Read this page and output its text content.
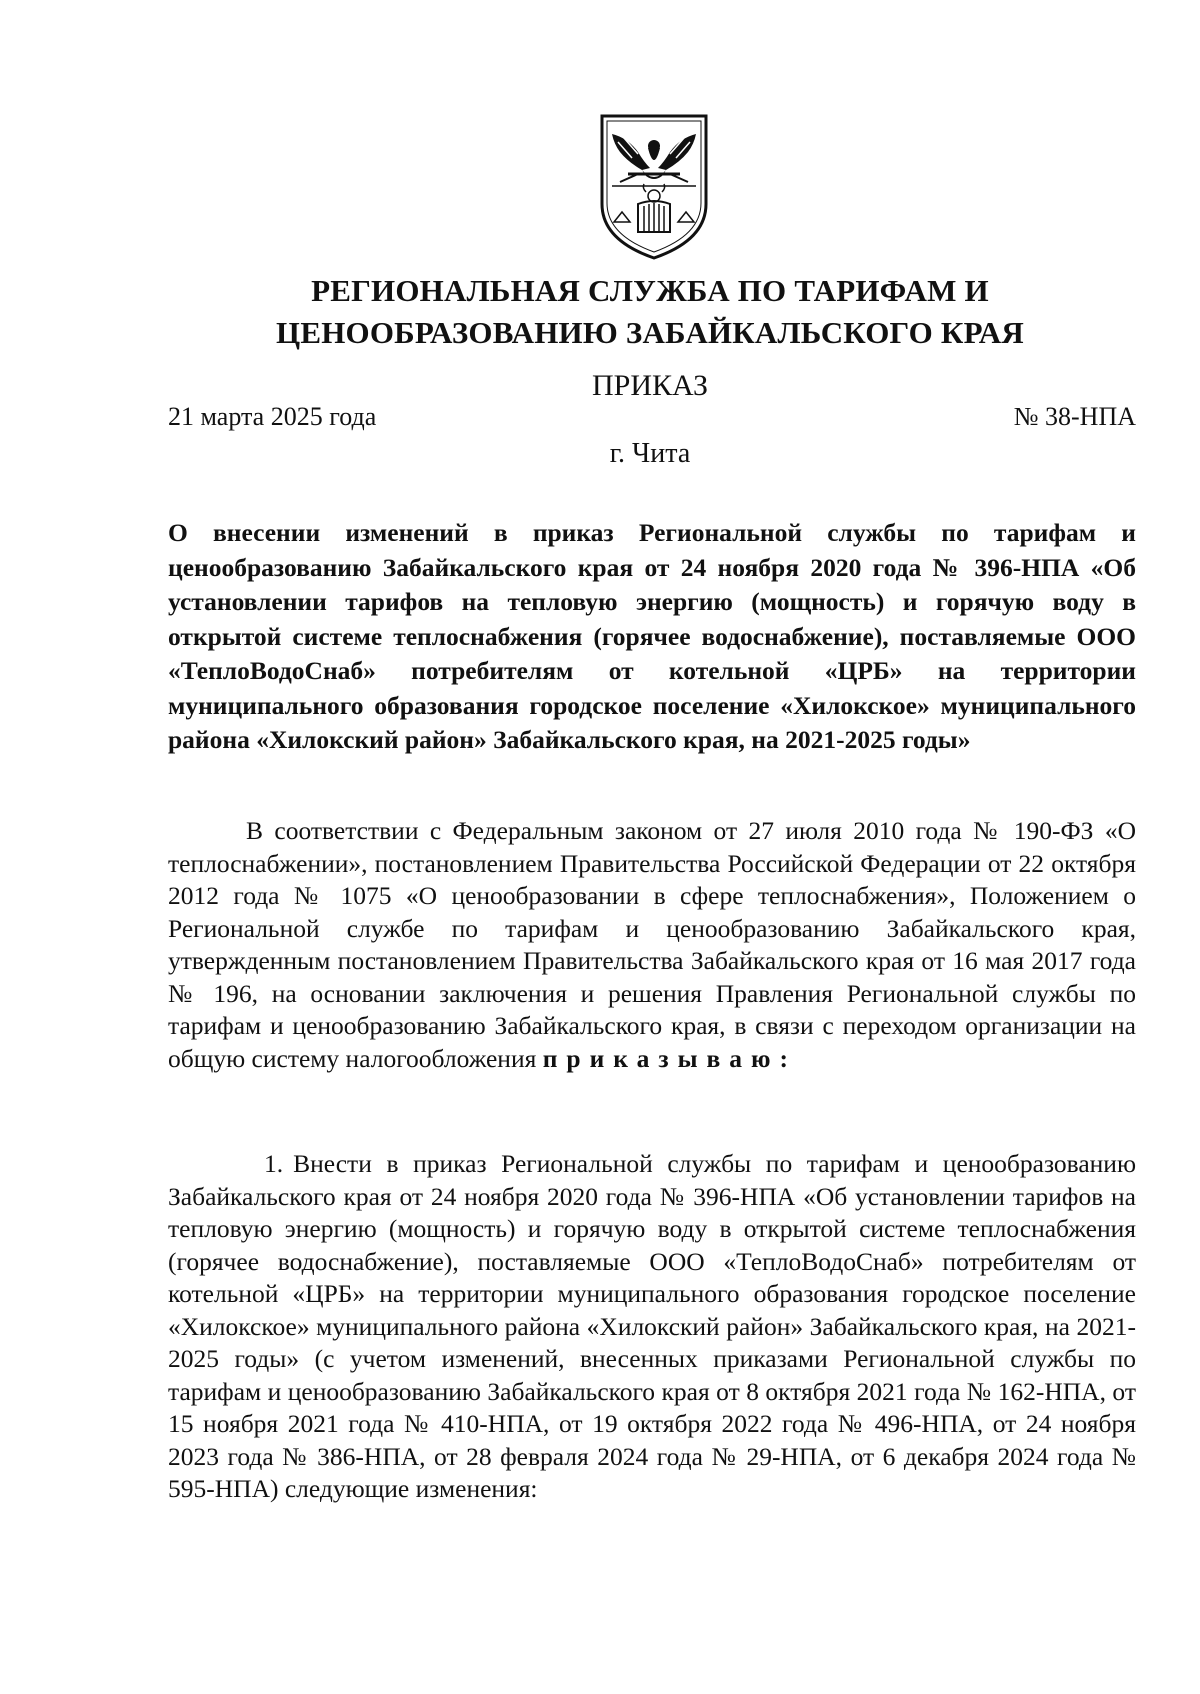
РЕГИОНАЛЬНАЯ СЛУЖБА ПО ТАРИФАМ И
ЦЕНООБРАЗОВАНИЮ ЗАБАЙКАЛЬСКОГО КРАЯ
ПРИКАЗ
21 марта 2025 года	№ 38-НПА
г. Чита
О внесении изменений в приказ Региональной службы по тарифам и ценообразованию Забайкальского края от 24 ноября 2020 года № 396-НПА «Об установлении тарифов на тепловую энергию (мощность) и горячую воду в открытой системе теплоснабжения (горячее водоснабжение), поставляемые ООО «ТеплоВодоСнаб» потребителям от котельной «ЦРБ» на территории муниципального образования городское поселение «Хилокское» муниципального района «Хилокский район» Забайкальского края, на 2021-2025 годы»
В соответствии с Федеральным законом от 27 июля 2010 года № 190-ФЗ «О теплоснабжении», постановлением Правительства Российской Федерации от 22 октября 2012 года № 1075 «О ценообразовании в сфере теплоснабжения», Положением о Региональной службе по тарифам и ценообразованию Забайкальского края, утвержденным постановлением Правительства Забайкальского края от 16 мая 2017 года № 196, на основании заключения и решения Правления Региональной службы по тарифам и ценообразованию Забайкальского края, в связи с переходом организации на общую систему налогообложения приказываю:
1. Внести в приказ Региональной службы по тарифам и ценообразованию Забайкальского края от 24 ноября 2020 года № 396-НПА «Об установлении тарифов на тепловую энергию (мощность) и горячую воду в открытой системе теплоснабжения (горячее водоснабжение), поставляемые ООО «ТеплоВодоСнаб» потребителям от котельной «ЦРБ» на территории муниципального образования городское поселение «Хилокское» муниципального района «Хилокский район» Забайкальского края, на 2021-2025 годы» (с учетом изменений, внесенных приказами Региональной службы по тарифам и ценообразованию Забайкальского края от 8 октября 2021 года № 162-НПА, от 15 ноября 2021 года № 410-НПА, от 19 октября 2022 года № 496-НПА, от 24 ноября 2023 года № 386-НПА, от 28 февраля 2024 года № 29-НПА, от 6 декабря 2024 года № 595-НПА) следующие изменения:
